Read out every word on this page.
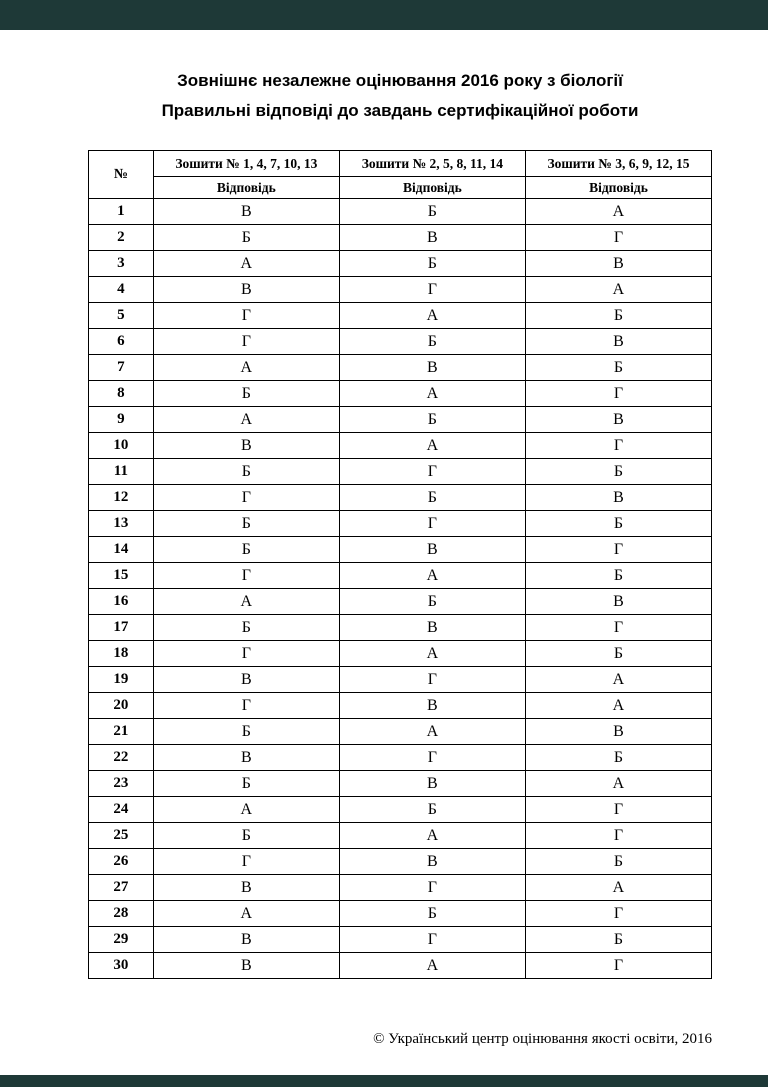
Зовнішнє незалежне оцінювання 2016 року з біології
Правильні відповіді до завдань сертифікаційної роботи
№	Зошити № 1, 4, 7, 10, 13	Зошити № 2, 5, 8, 11, 14	Зошити № 3, 6, 9, 12, 15
	Відповідь	Відповідь	Відповідь
1	В	Б	А
2	Б	В	Г
3	А	Б	В
4	В	Г	А
5	Г	А	Б
6	Г	Б	В
7	А	В	Б
8	Б	А	Г
9	А	Б	В
10	В	А	Г
11	Б	Г	Б
12	Г	Б	В
13	Б	Г	Б
14	Б	В	Г
15	Г	А	Б
16	А	Б	В
17	Б	В	Г
18	Г	А	Б
19	В	Г	А
20	Г	В	А
21	Б	А	В
22	В	Г	Б
23	Б	В	А
24	А	Б	Г
25	Б	А	Г
26	Г	В	Б
27	В	Г	А
28	А	Б	Г
29	В	Г	Б
30	В	А	Г
© Український центр оцінювання якості освіти, 2016
